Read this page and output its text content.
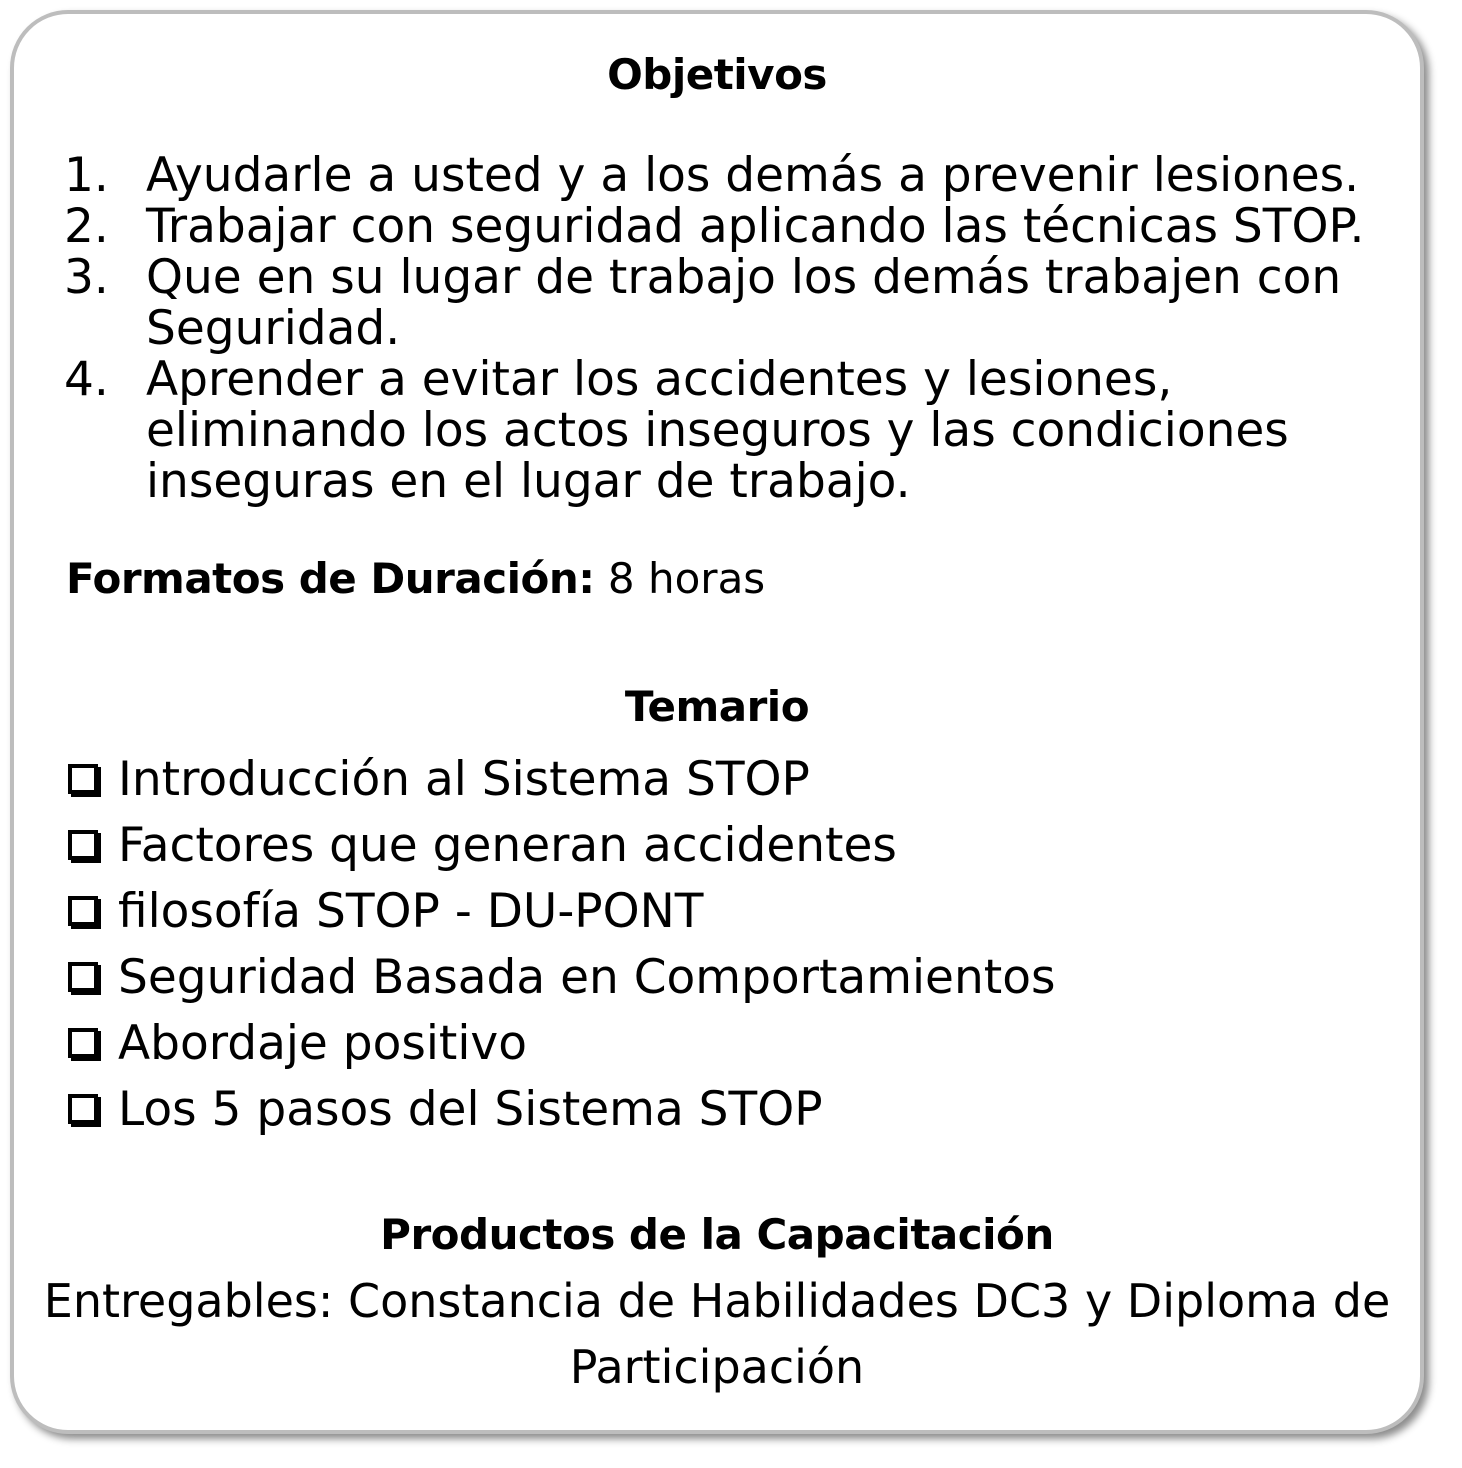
Objetivos
1. Ayudarle a usted y a los demás a prevenir lesiones.
2. Trabajar con seguridad aplicando las técnicas STOP.
3. Que en su lugar de trabajo los demás trabajen con Seguridad.
4. Aprender a evitar los accidentes y lesiones, eliminando los actos inseguros y las condiciones inseguras en el lugar de trabajo.

Formatos de Duración: 8 horas

Temario
Introducción al Sistema STOP
Factores que generan accidentes
filosofía STOP - DU-PONT
Seguridad Basada en Comportamientos
Abordaje positivo
Los 5 pasos del Sistema STOP
Productos de la Capacitación

Entregables: Constancia de Habilidades DC3 y Diploma de Participación
